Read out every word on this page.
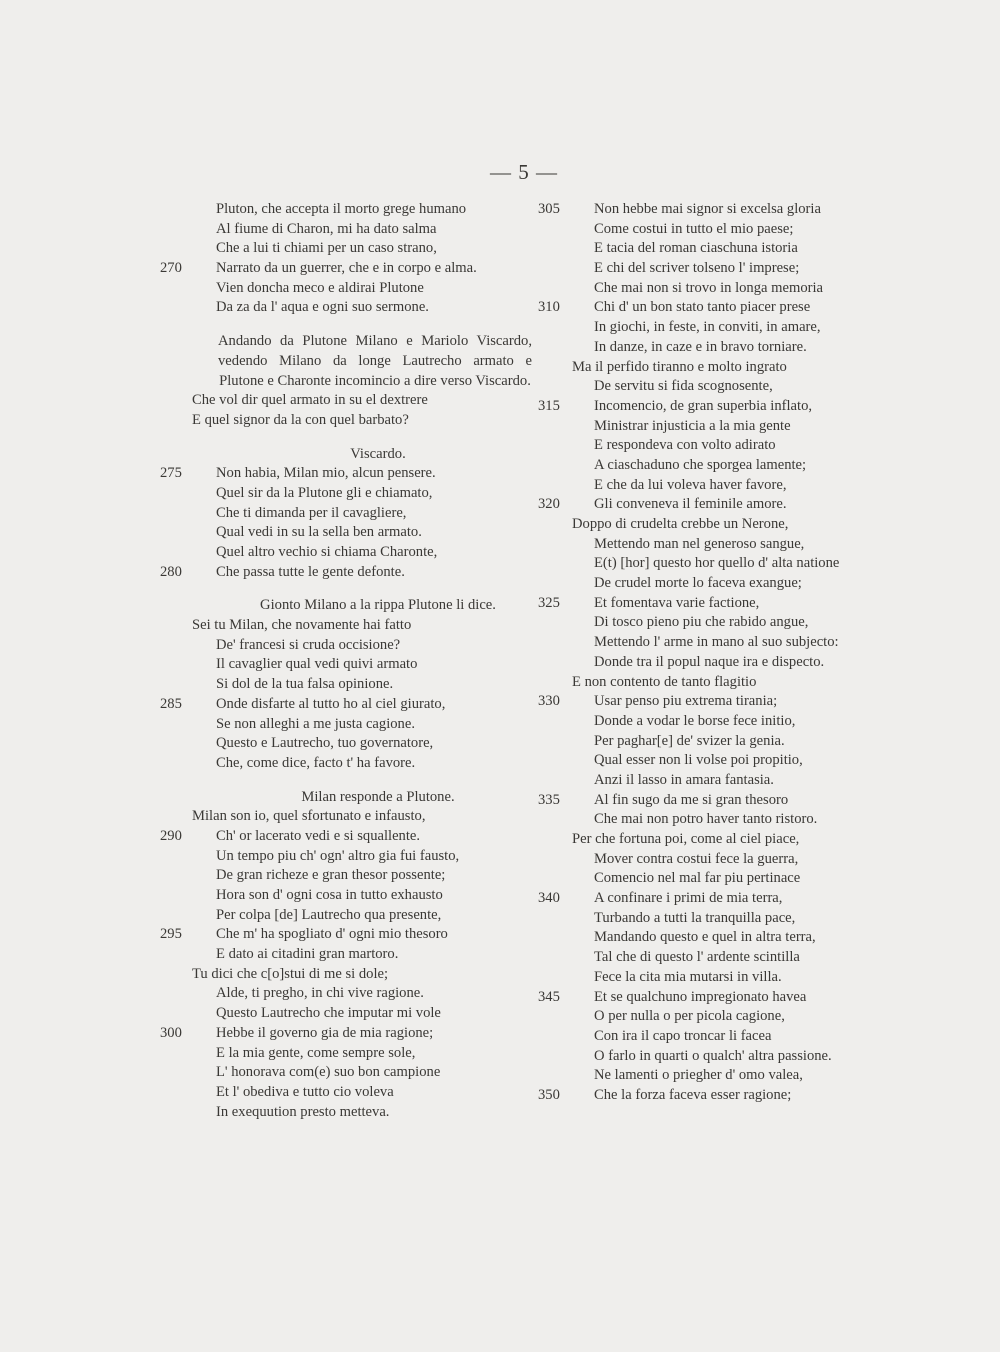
— 5 —
Pluton, che accepta il morto grege humano
Al fiume di Charon, mi ha dato salma
Che a lui ti chiami per un caso strano,
270	Narrato da un guerrer, che e in corpo e alma.
Vien doncha meco e aldirai Plutone
Da za da l' aqua e ogni suo sermone.
Andando da Plutone Milano e Mariolo Viscardo, vedendo Milano da longe Lautrecho armato e Plutone e Charonte incomincio a dire verso Viscardo.
Che vol dir quel armato in su el dextrere
E quel signor da la con quel barbato?
Viscardo.
275	Non habia, Milan mio, alcun pensere.
Quel sir da la Plutone gli e chiamato,
Che ti dimanda per il cavagliere,
Qual vedi in su la sella ben armato.
Quel altro vechio si chiama Charonte,
280	Che passa tutte le gente defonte.
Gionto Milano a la rippa Plutone li dice.
Sei tu Milan, che novamente hai fatto
De' francesi si cruda occisione?
Il cavaglier qual vedi quivi armato
Si dol de la tua falsa opinione.
285	Onde disfarte al tutto ho al ciel giurato,
Se non alleghi a me justa cagione.
Questo e Lautrecho, tuo governatore,
Che, come dice, facto t' ha favore.
Milan responde a Plutone.
Milan son io, quel sfortunato e infausto,
290	Ch' or lacerato vedi e si squallente.
Un tempo piu ch' ogn' altro gia fui fausto,
De gran richeze e gran thesor possente;
Hora son d' ogni cosa in tutto exhausto
Per colpa [de] Lautrecho qua presente,
295	Che m' ha spogliato d' ogni mio thesoro
E dato ai citadini gran martoro.
Tu dici che c[o]stui di me si dole;
Alde, ti pregho, in chi vive ragione.
Questo Lautrecho che imputar mi vole
300	Hebbe il governo gia de mia ragione;
E la mia gente, come sempre sole,
L' honorava com(e) suo bon campione
Et l' obediva e tutto cio voleva
In exequution presto metteva.
305	Non hebbe mai signor si excelsa gloria
Come costui in tutto el mio paese;
E tacia del roman ciaschuna istoria
E chi del scriver tolseno l' imprese;
Che mai non si trovo in longa memoria
310	Chi d' un bon stato tanto piacer prese
In giochi, in feste, in conviti, in amare,
In danze, in caze e in bravo torniare.
Ma il perfido tiranno e molto ingrato
De servitu si fida scognosente,
315	Incomencio, de gran superbia inflato,
Ministrar injusticia a la mia gente
E respondeva con volto adirato
A ciaschaduno che sporgea lamente;
E che da lui voleva haver favore,
320	Gli conveneva il feminile amore.
Doppo di crudelta crebbe un Nerone,
Mettendo man nel generoso sangue,
E(t) [hor] questo hor quello d' alta natione
De crudel morte lo faceva exangue;
325	Et fomentava varie factione,
Di tosco pieno piu che rabido angue,
Mettendo l' arme in mano al suo subjecto:
Donde tra il popul naque ira e dispecto.
E non contento de tanto flagitio
330	Usar penso piu extrema tirania;
Donde a vodar le borse fece initio,
Per paghar[e] de' svizer la genia.
Qual esser non li volse poi propitio,
Anzi il lasso in amara fantasia.
335	Al fin sugo da me si gran thesoro
Che mai non potro haver tanto ristoro.
Per che fortuna poi, come al ciel piace,
Mover contra costui fece la guerra,
Comencio nel mal far piu pertinace
340	A confinare i primi de mia terra,
Turbando a tutti la tranquilla pace,
Mandando questo e quel in altra terra,
Tal che di questo l' ardente scintilla
Fece la cita mia mutarsi in villa.
345	Et se qualchuno impregionato havea
O per nulla o per picola cagione,
Con ira il capo troncar li facea
O farlo in quarti o qualch' altra passione.
Ne lamenti o priegher d' omo valea,
350	Che la forza faceva esser ragione;
